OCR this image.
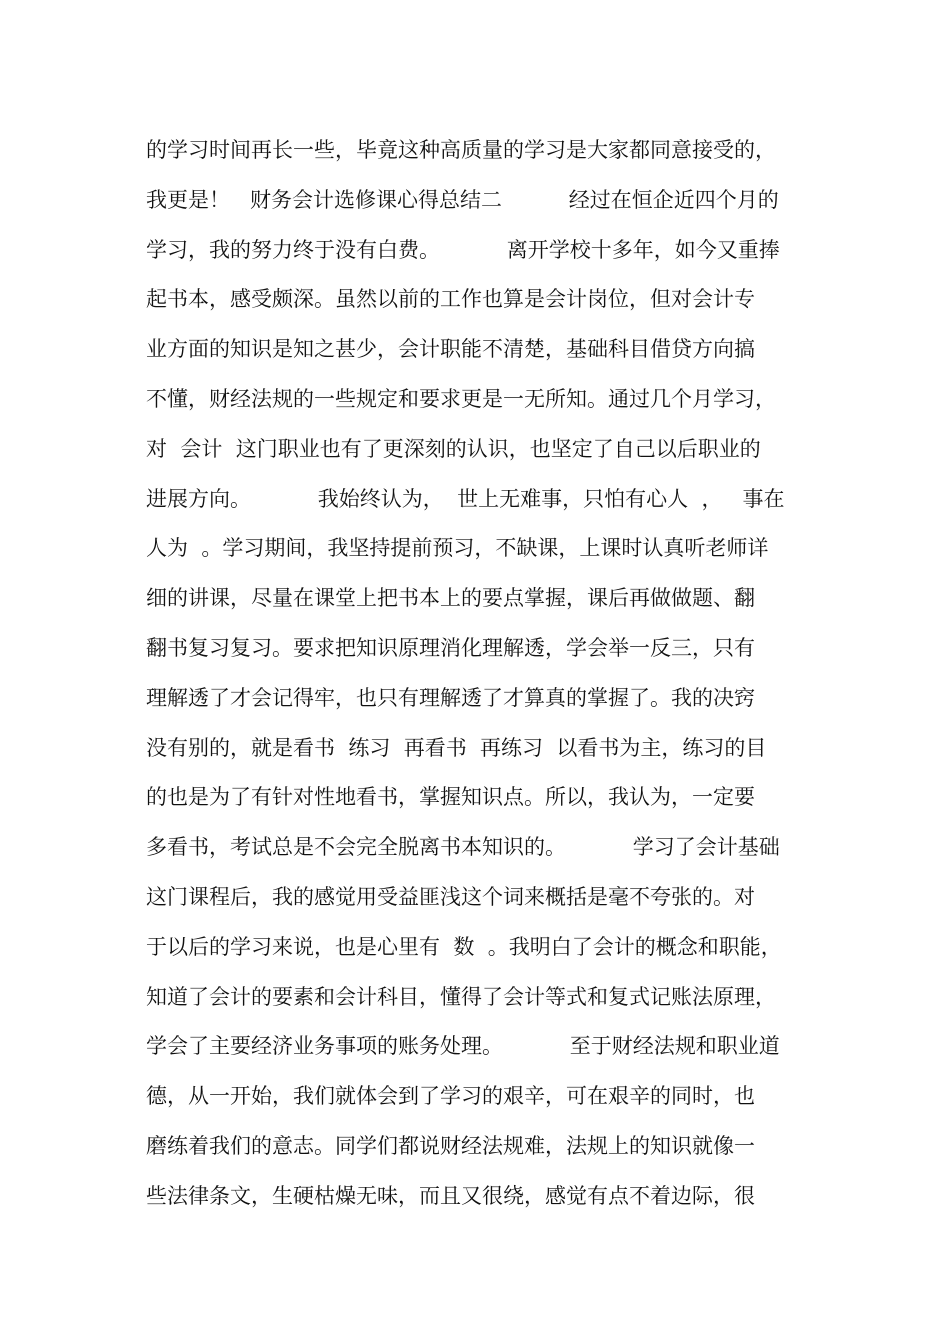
的学习时间再长一些，毕竟这种高质量的学习是大家都同意接受的，
我更是！   财务会计选修课心得总结二          经过在恒企近四个月的
学习，我的努力终于没有白费。          离开学校十多年，如今又重捧
起书本，感受颇深。虽然以前的工作也算是会计岗位，但对会计专
业方面的知识是知之甚少，会计职能不清楚，基础科目借贷方向搞
不懂，财经法规的一些规定和要求更是一无所知。通过几个月学习，
对  会计  这门职业也有了更深刻的认识，也坚定了自己以后职业的
进展方向。          我始终认为，  世上无难事，只怕有心人  ，   事在
人为  。学习期间，我坚持提前预习，不缺课，上课时认真听老师详
细的讲课，尽量在课堂上把书本上的要点掌握，课后再做做题、翻
翻书复习复习。要求把知识原理消化理解透，学会举一反三，只有
理解透了才会记得牢，也只有理解透了才算真的掌握了。我的决窍
没有别的，就是看书  练习  再看书  再练习  以看书为主，练习的目
的也是为了有针对性地看书，掌握知识点。所以，我认为，一定要
多看书，考试总是不会完全脱离书本知识的。          学习了会计基础
这门课程后，我的感觉用受益匪浅这个词来概括是毫不夸张的。对
于以后的学习来说，也是心里有  数  。我明白了会计的概念和职能，
知道了会计的要素和会计科目，懂得了会计等式和复式记账法原理，
学会了主要经济业务事项的账务处理。          至于财经法规和职业道
德，从一开始，我们就体会到了学习的艰辛，可在艰辛的同时，也
磨练着我们的意志。同学们都说财经法规难，法规上的知识就像一
些法律条文，生硬枯燥无味，而且又很绕，感觉有点不着边际，很
